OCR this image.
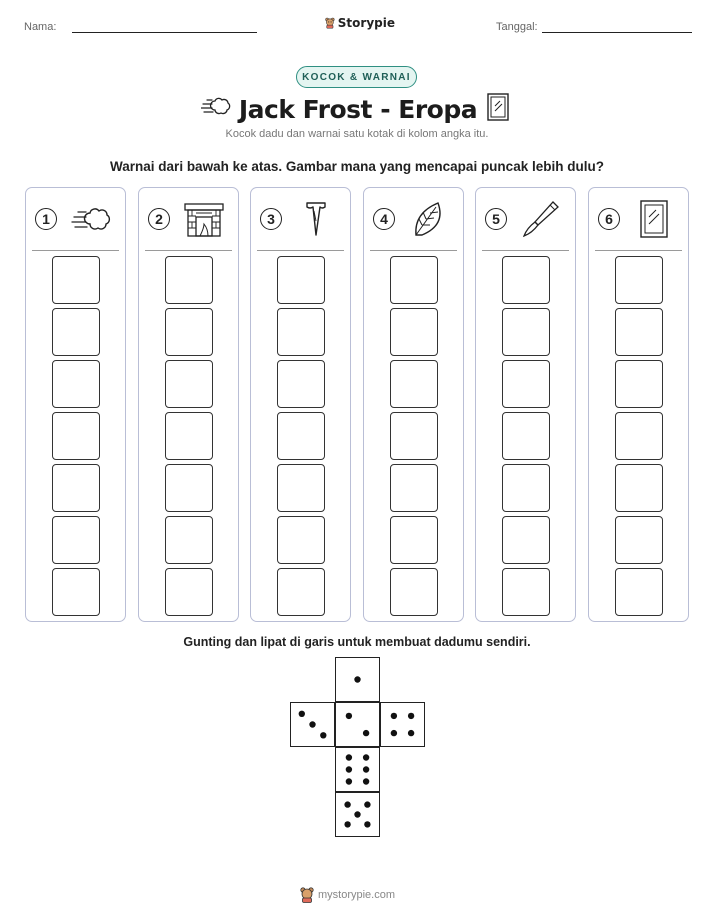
Nama:	Storypie	Tanggal:
KOCOK & WARNAI
Jack Frost - Eropa
Kocok dadu dan warnai satu kotak di kolom angka itu.
Warnai dari bawah ke atas. Gambar mana yang mencapai puncak lebih dulu?
1	2	3	4	5	6
Gunting dan lipat di garis untuk membuat dadumu sendiri.
mystorypie.com
